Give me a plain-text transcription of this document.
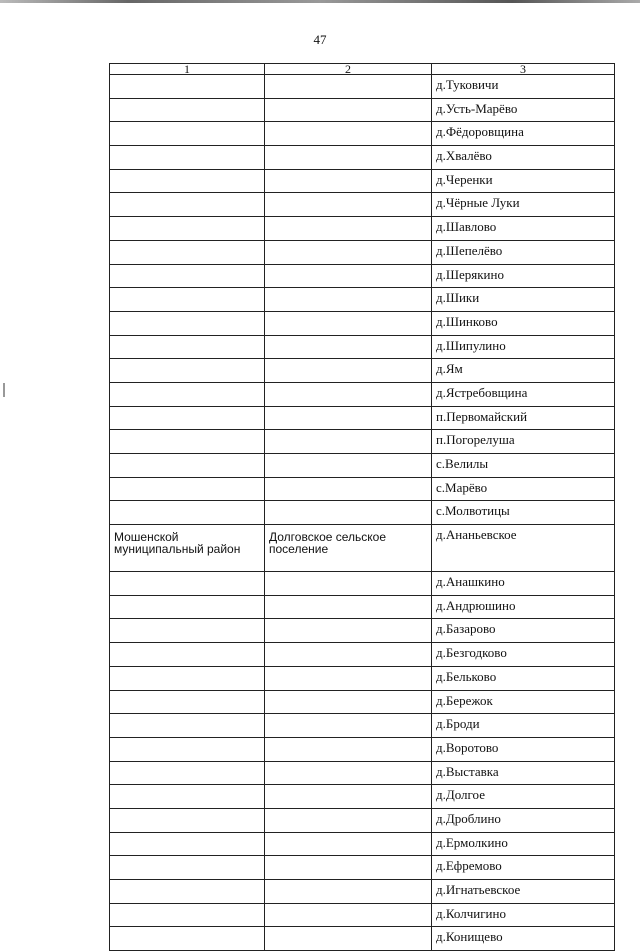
47
1	2	3
		д.Туковичи
		д.Усть-Марёво
		д.Фёдоровщина
		д.Хвалёво
		д.Черенки
		д.Чёрные Луки
		д.Шавлово
		д.Шепелёво
		д.Шерякино
		д.Шики
		д.Шинково
		д.Шипулино
		д.Ям
		д.Ястребовщина
		п.Первомайский
		п.Погорелуша
		с.Велилы
		с.Марёво
		с.Молвотицы
Мошенской муниципальный район	Долговское сельское поселение	д.Ананьевское
		д.Анашкино
		д.Андрюшино
		д.Базарово
		д.Безгодково
		д.Бельково
		д.Бережок
		д.Броди
		д.Воротово
		д.Выставка
		д.Долгое
		д.Дроблино
		д.Ермолкино
		д.Ефремово
		д.Игнатьевское
		д.Колчигино
		д.Конищево
